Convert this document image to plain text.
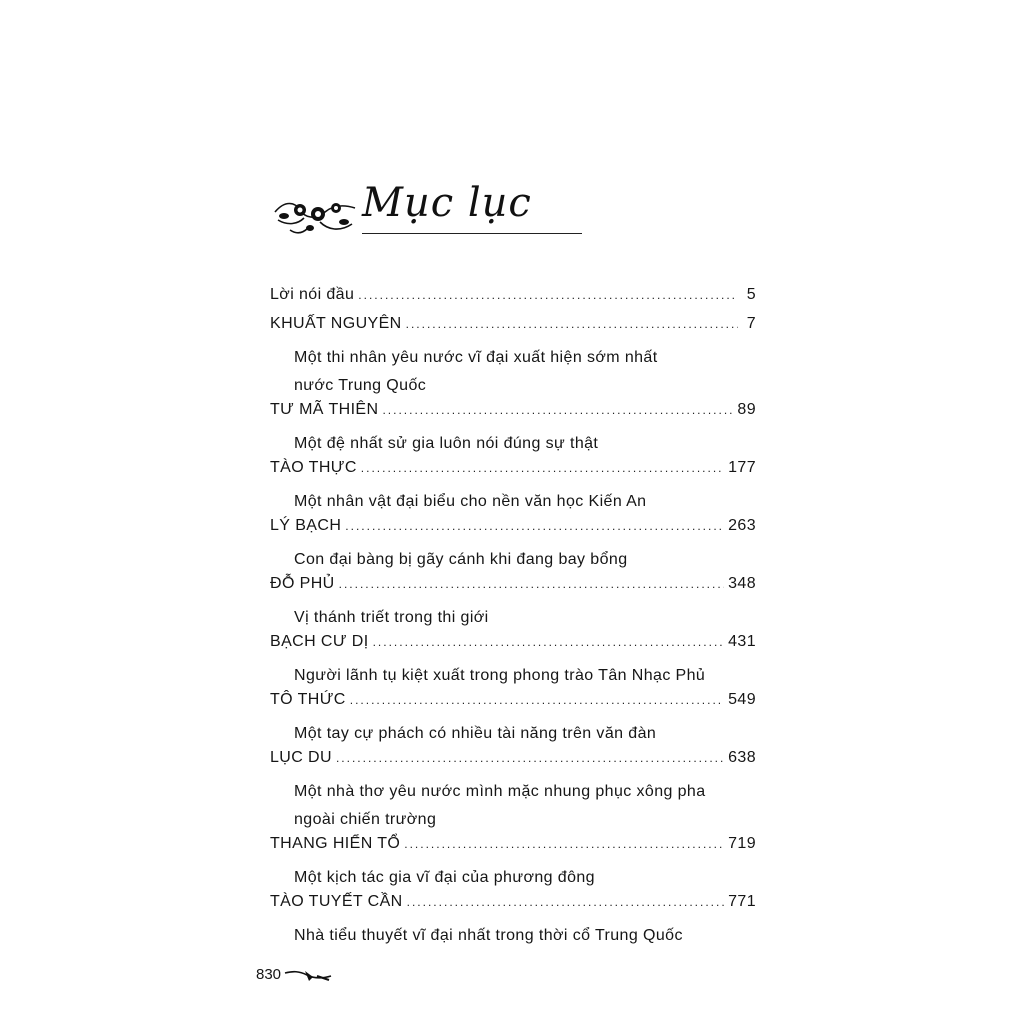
Mục lục
Lời nói đầu .....	5
KHUẤT NGUYÊN .....	7
Một thi nhân yêu nước vĩ đại xuất hiện sớm nhất
nước Trung Quốc
TƯ MÃ THIÊN .....	89
Một đệ nhất sử gia luôn nói đúng sự thật
TÀO THỰC .....	177
Một nhân vật đại biểu cho nền văn học Kiến An
LÝ BẠCH .....	263
Con đại bàng bị gãy cánh khi đang bay bổng
ĐỖ PHỦ .....	348
Vị thánh triết trong thi giới
BẠCH CƯ DỊ .....	431
Người lãnh tụ kiệt xuất trong phong trào Tân Nhạc Phủ
TÔ THỨC .....	549
Một tay cự phách có nhiều tài năng trên văn đàn
LỤC DU .....	638
Một nhà thơ yêu nước mình mặc nhung phục xông pha
ngoài chiến trường
THANG HIỂN TỔ .....	719
Một kịch tác gia vĩ đại của phương đông
TÀO TUYẾT CẦN .....	771
Nhà tiểu thuyết vĩ đại nhất trong thời cổ Trung Quốc
830
